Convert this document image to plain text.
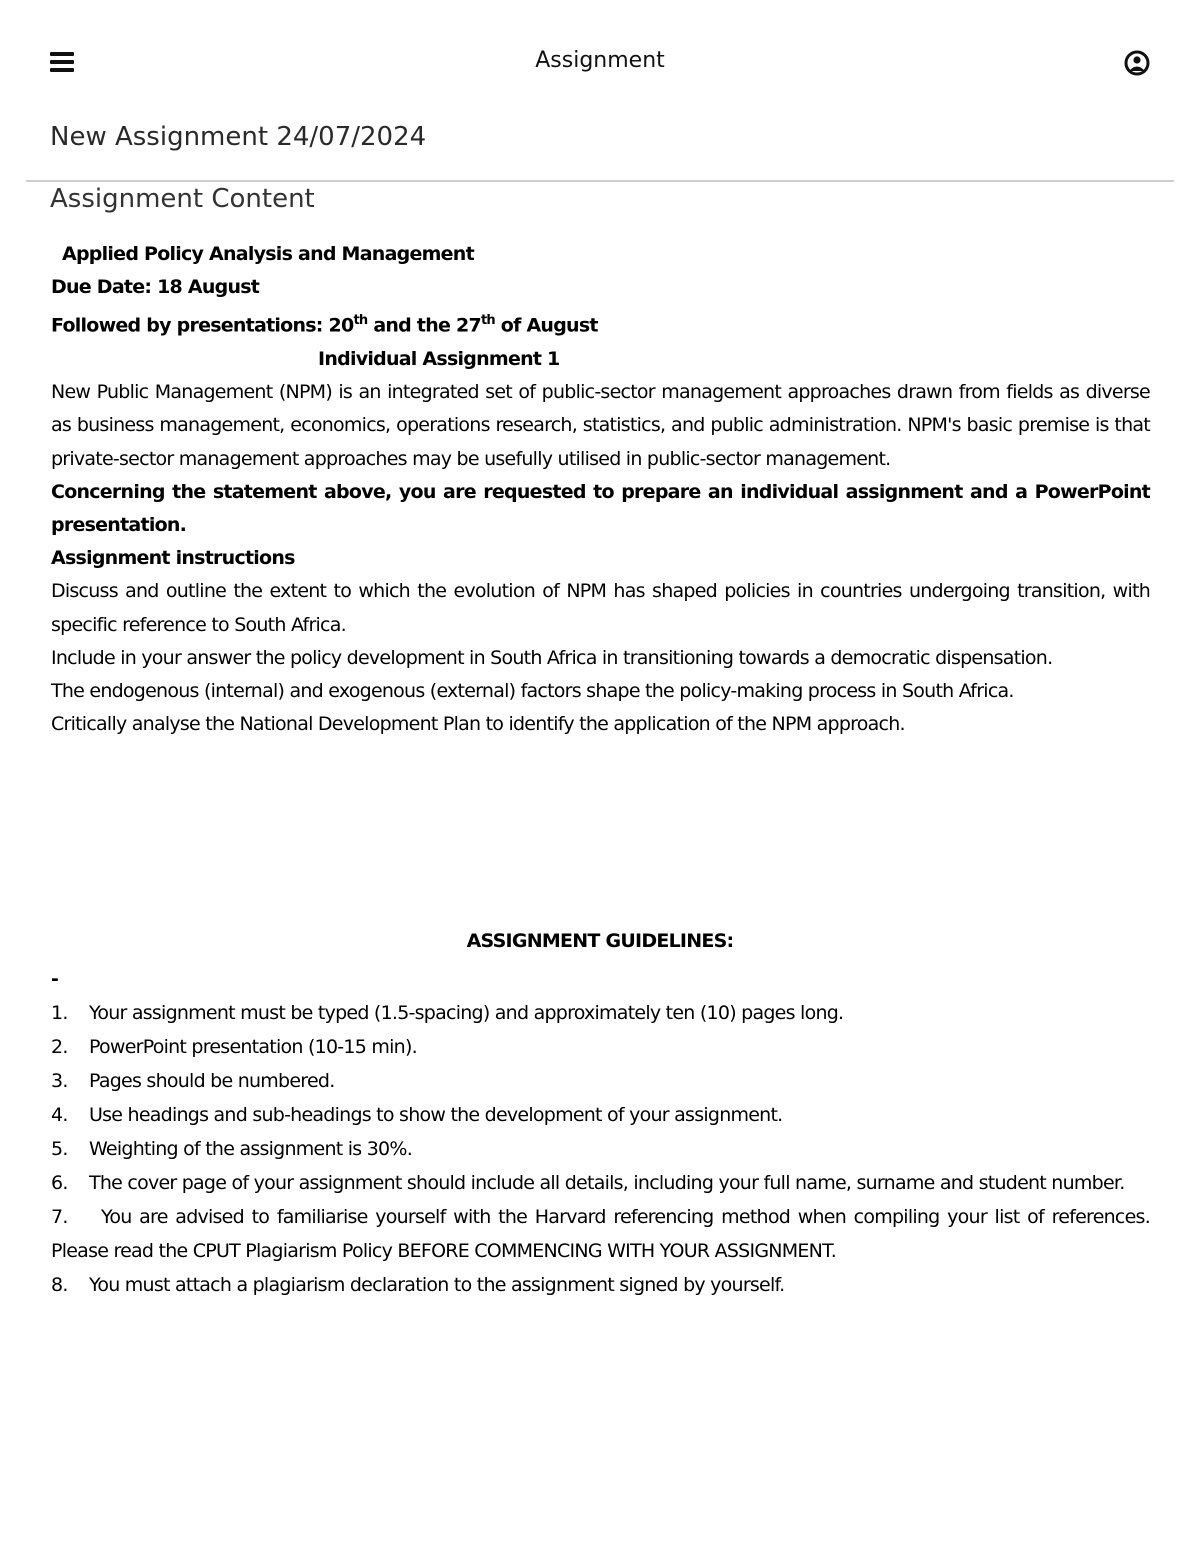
Assignment
New Assignment 24/07/2024
Assignment Content

Applied Policy Analysis and Management

Due Date: 18 August

Followed by presentations: 20th and the 27th of August

Individual Assignment 1

New Public Management (NPM) is an integrated set of public-sector management approaches drawn from fields as diverse as business management, economics, operations research, statistics, and public administration. NPM's basic premise is that private-sector management approaches may be usefully utilised in public-sector management.

Concerning the statement above, you are requested to prepare an individual assignment and a PowerPoint presentation.

Assignment instructions

Discuss and outline the extent to which the evolution of NPM has shaped policies in countries undergoing transition, with specific reference to South Africa.

Include in your answer the policy development in South Africa in transitioning towards a democratic dispensation.

The endogenous (internal) and exogenous (external) factors shape the policy-making process in South Africa.

Critically analyse the National Development Plan to identify the application of the NPM approach.

ASSIGNMENT GUIDELINES:
-

1. Your assignment must be typed (1.5-spacing) and approximately ten (10) pages long.

2. PowerPoint presentation (10-15 min).

3. Pages should be numbered.

4. Use headings and sub-headings to show the development of your assignment.

5. Weighting of the assignment is 30%.

6. The cover page of your assignment should include all details, including your full name, surname and student number.

7. You are advised to familiarise yourself with the Harvard referencing method when compiling your list of references. Please read the CPUT Plagiarism Policy BEFORE COMMENCING WITH YOUR ASSIGNMENT.

8. You must attach a plagiarism declaration to the assignment signed by yourself.
